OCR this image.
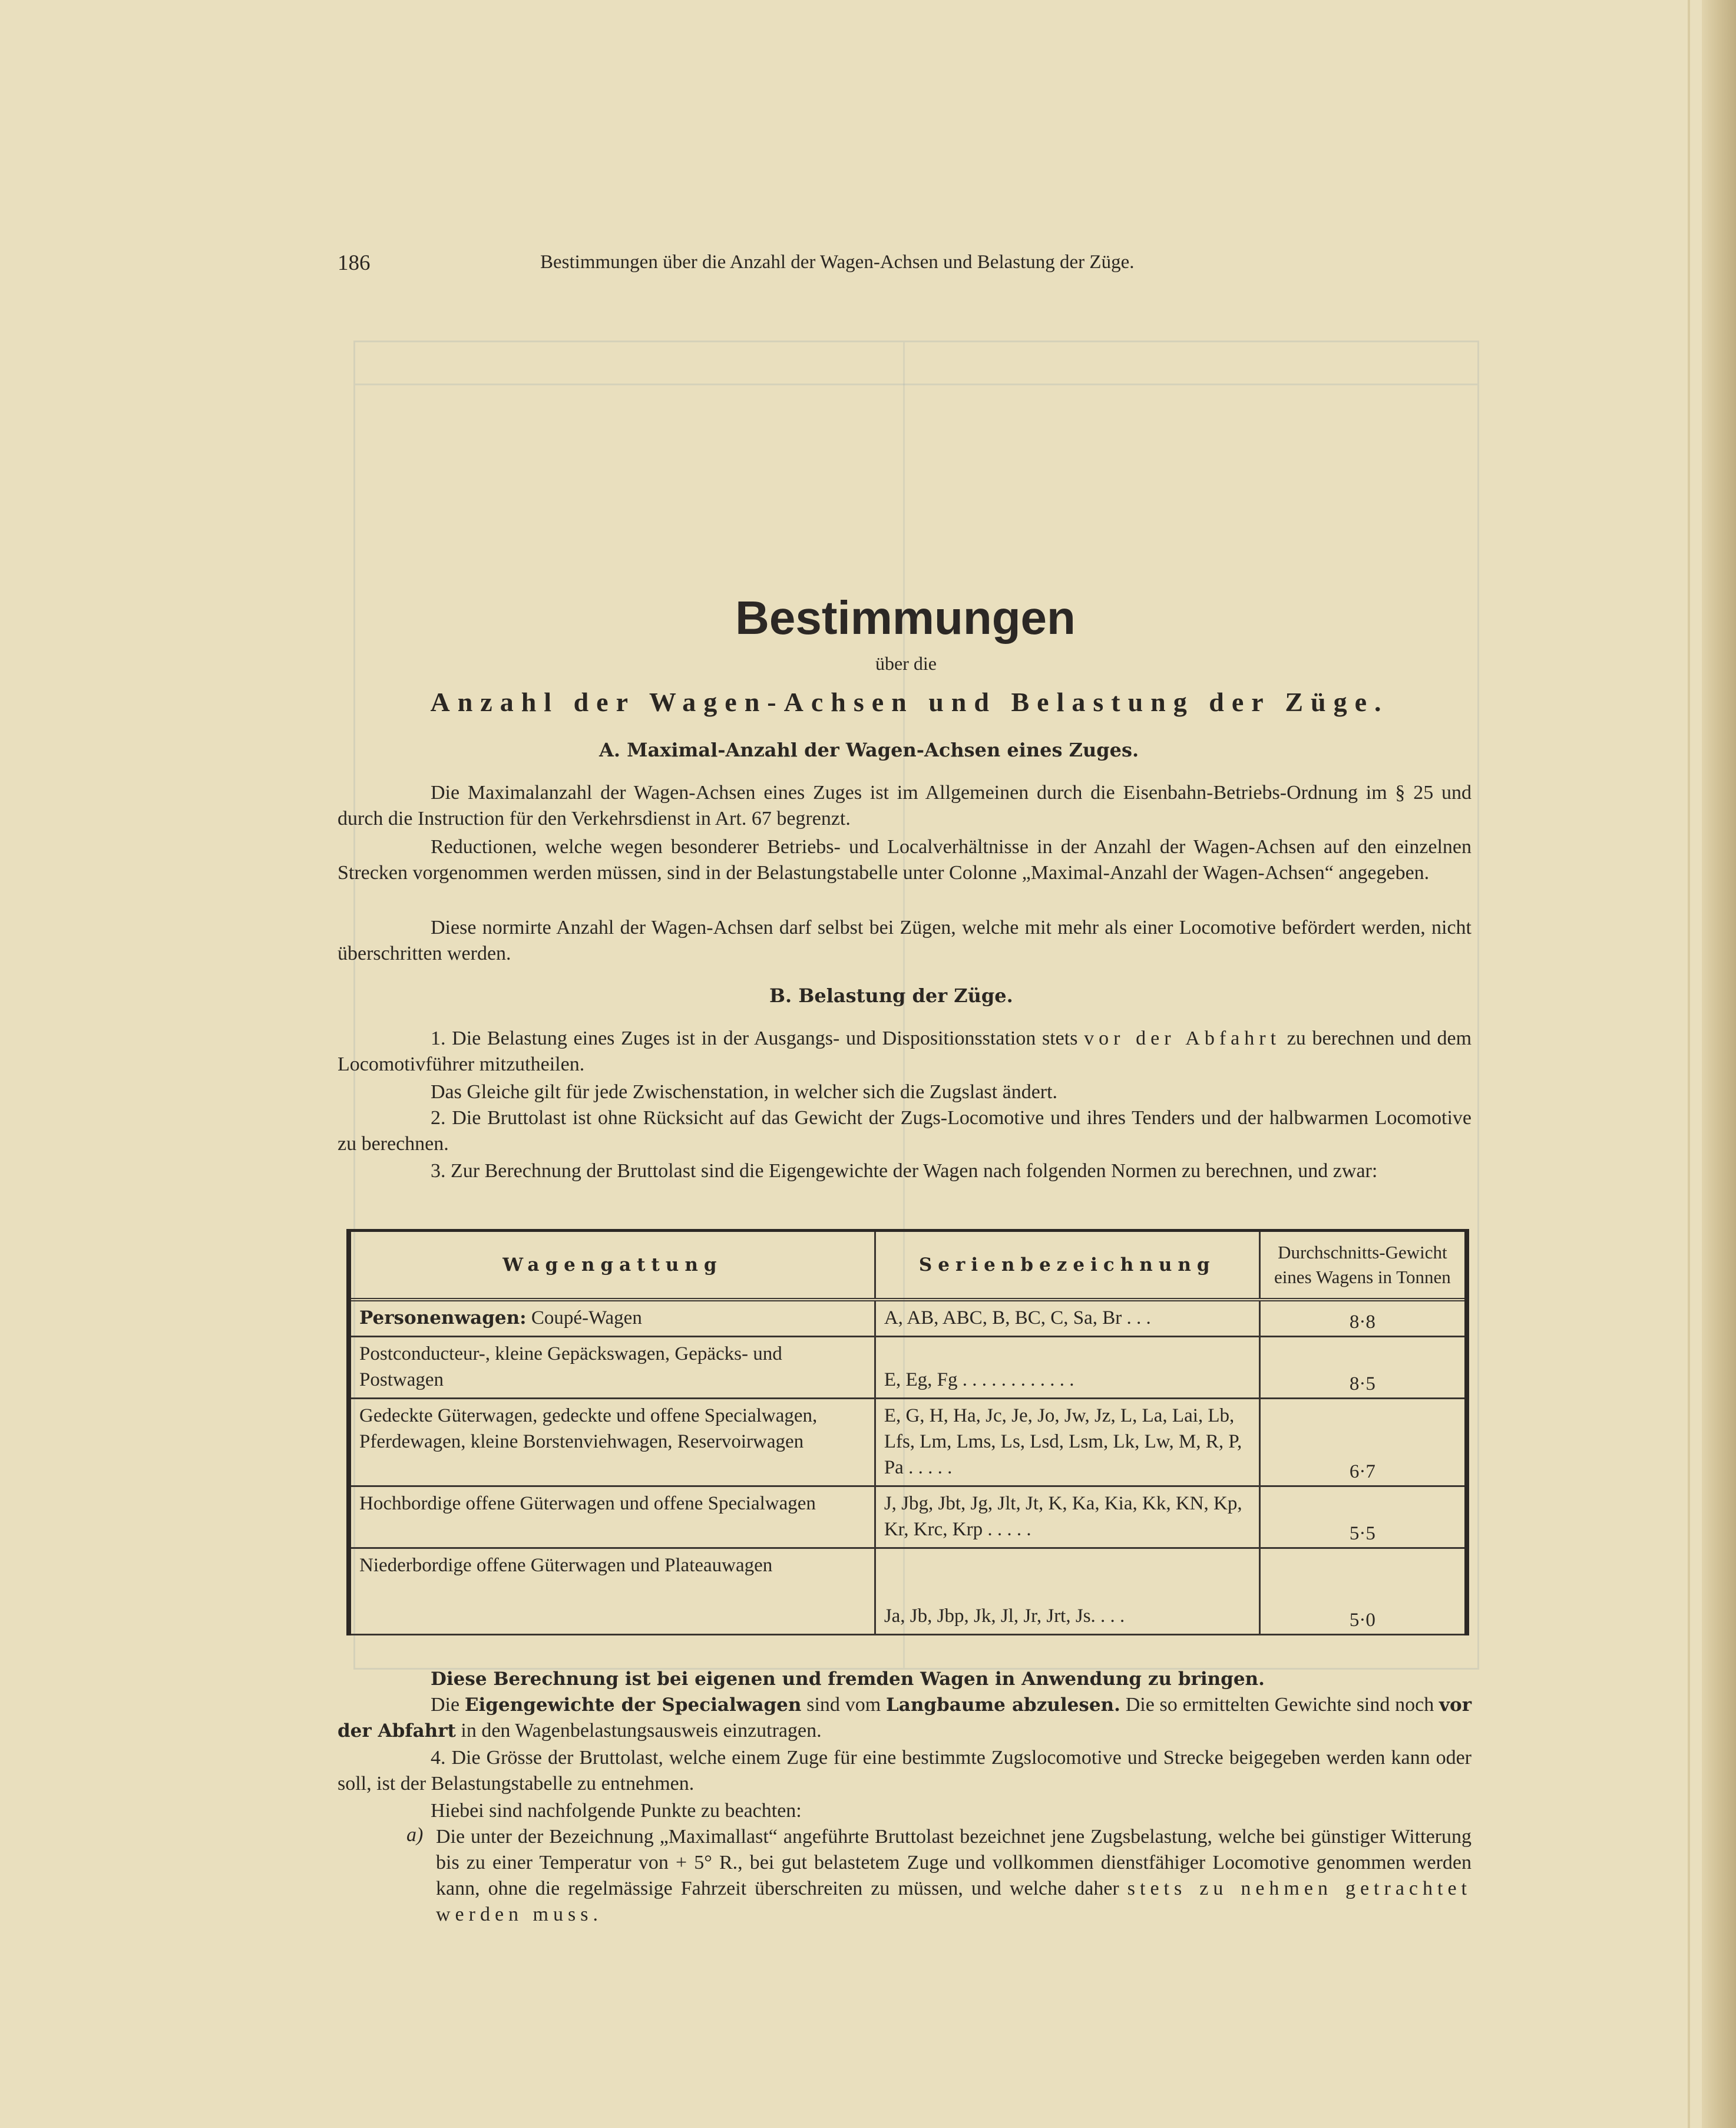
186	Bestimmungen über die Anzahl der Wagen-Achsen und Belastung der Züge.
Bestimmungen
über die
Anzahl der Wagen-Achsen und Belastung der Züge.
A. Maximal-Anzahl der Wagen-Achsen eines Zuges.

Die Maximalanzahl der Wagen-Achsen eines Zuges ist im Allgemeinen durch die Eisenbahn-Betriebs-Ordnung im § 25 und durch die Instruction für den Verkehrsdienst in Art. 67 begrenzt.

Reductionen, welche wegen besonderer Betriebs- und Localverhältnisse in der Anzahl der Wagen-Achsen auf den einzelnen Strecken vorgenommen werden müssen, sind in der Belastungstabelle unter Colonne „Maximal-Anzahl der Wagen-Achsen“ angegeben.

Diese normirte Anzahl der Wagen-Achsen darf selbst bei Zügen, welche mit mehr als einer Locomotive befördert werden, nicht überschritten werden.

B. Belastung der Züge.

1. Die Belastung eines Zuges ist in der Ausgangs- und Dispositionsstation stets vor der Abfahrt zu berechnen und dem Locomotivführer mitzutheilen.

Das Gleiche gilt für jede Zwischenstation, in welcher sich die Zugslast ändert.

2. Die Bruttolast ist ohne Rücksicht auf das Gewicht der Zugs-Locomotive und ihres Tenders und der halbwarmen Locomotive zu berechnen.

3. Zur Berechnung der Bruttolast sind die Eigengewichte der Wagen nach folgenden Normen zu berechnen, und zwar:

Wagengattung	Serienbezeichnung	Durchschnitts-Gewicht eines Wagens in Tonnen
Personenwagen: Coupé-Wagen	A, AB, ABC, B, BC, C, Sa, Br . . .	8·8
Postconducteur-, kleine Gepäckswagen, Gepäcks- und Postwagen	E, Eg, Fg . . . . . . . . . . . .	8·5
Gedeckte Güterwagen, gedeckte und offene Specialwagen, Pferdewagen, kleine Borstenviehwagen, Reservoirwagen	E, G, H, Ha, Jc, Je, Jo, Jw, Jz, L, La, Lai, Lb, Lfs, Lm, Lms, Ls, Lsd, Lsm, Lk, Lw, M, R, P, Pa . . . . .	6·7
Hochbordige offene Güterwagen und offene Specialwagen	J, Jbg, Jbt, Jg, Jlt, Jt, K, Ka, Kia, Kk, KN, Kp, Kr, Krc, Krp . . . . .	5·5
Niederbordige offene Güterwagen und Plateauwagen	Ja, Jb, Jbp, Jk, Jl, Jr, Jrt, Js. . . .	5·0

Diese Berechnung ist bei eigenen und fremden Wagen in Anwendung zu bringen.

Die Eigengewichte der Specialwagen sind vom Langbaume abzulesen. Die so ermittelten Gewichte sind noch vor der Abfahrt in den Wagenbelastungsausweis einzutragen.

4. Die Grösse der Bruttolast, welche einem Zuge für eine bestimmte Zugslocomotive und Strecke beigegeben werden kann oder soll, ist der Belastungstabelle zu entnehmen.

Hiebei sind nachfolgende Punkte zu beachten:

a) Die unter der Bezeichnung „Maximallast“ angeführte Bruttolast bezeichnet jene Zugsbelastung, welche bei günstiger Witterung bis zu einer Temperatur von + 5° R., bei gut belastetem Zuge und vollkommen dienstfähiger Locomotive genommen werden kann, ohne die regelmässige Fahrzeit überschreiten zu müssen, und welche daher stets zu nehmen getrachtet werden muss.
